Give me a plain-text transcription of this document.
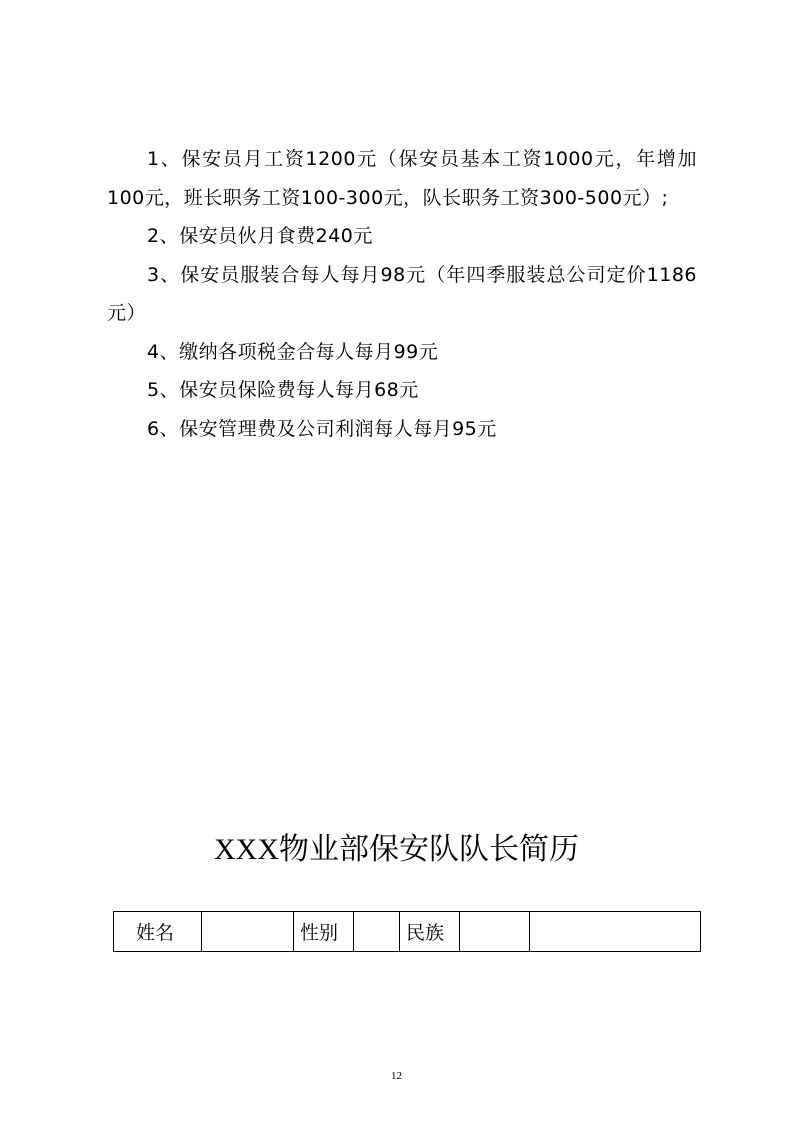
1、保安员月工资1200元（保安员基本工资1000元，年增加100元，班长职务工资100-300元，队长职务工资300-500元）;

2、保安员伙月食费240元

3、保安员服装合每人每月98元（年四季服装总公司定价1186元）

4、缴纳各项税金合每人每月99元

5、保安员保险费每人每月68元

6、保安管理费及公司利润每人每月95元

XXX物业部保安队队长简历
姓名		性别		民族		
12
